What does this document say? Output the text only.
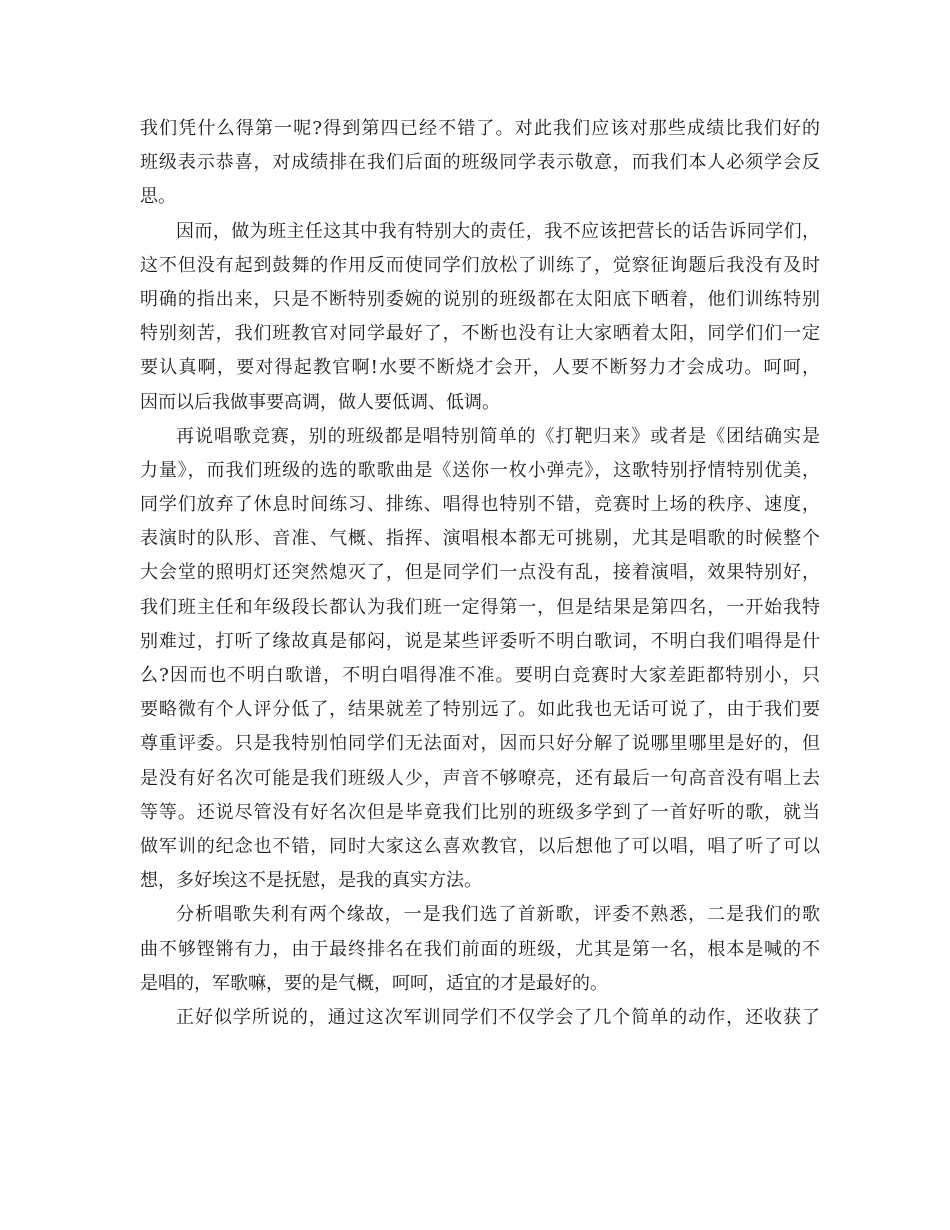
我们凭什么得第一呢?得到第四已经不错了。对此我们应该对那些成绩比我们好的
班级表示恭喜，对成绩排在我们后面的班级同学表示敬意，而我们本人必须学会反
思。
因而，做为班主任这其中我有特别大的责任，我不应该把营长的话告诉同学们，
这不但没有起到鼓舞的作用反而使同学们放松了训练了，觉察征询题后我没有及时
明确的指出来，只是不断特别委婉的说别的班级都在太阳底下晒着，他们训练特别
特别刻苦，我们班教官对同学最好了，不断也没有让大家晒着太阳，同学们们一定
要认真啊，要对得起教官啊!水要不断烧才会开，人要不断努力才会成功。呵呵，
因而以后我做事要高调，做人要低调、低调。
再说唱歌竞赛，别的班级都是唱特别简单的《打靶归来》或者是《团结确实是
力量》，而我们班级的选的歌歌曲是《送你一枚小弹壳》，这歌特别抒情特别优美，
同学们放弃了休息时间练习、排练、唱得也特别不错，竞赛时上场的秩序、速度，
表演时的队形、音准、气概、指挥、演唱根本都无可挑剔，尤其是唱歌的时候整个
大会堂的照明灯还突然熄灭了，但是同学们一点没有乱，接着演唱，效果特别好，
我们班主任和年级段长都认为我们班一定得第一，但是结果是第四名，一开始我特
别难过，打听了缘故真是郁闷，说是某些评委听不明白歌词，不明白我们唱得是什
么?因而也不明白歌谱，不明白唱得准不准。要明白竞赛时大家差距都特别小，只
要略微有个人评分低了，结果就差了特别远了。如此我也无话可说了，由于我们要
尊重评委。只是我特别怕同学们无法面对，因而只好分解了说哪里哪里是好的，但
是没有好名次可能是我们班级人少，声音不够嘹亮，还有最后一句高音没有唱上去
等等。还说尽管没有好名次但是毕竟我们比别的班级多学到了一首好听的歌，就当
做军训的纪念也不错，同时大家这么喜欢教官，以后想他了可以唱，唱了听了可以
想，多好埃这不是抚慰，是我的真实方法。
分析唱歌失利有两个缘故，一是我们选了首新歌，评委不熟悉，二是我们的歌
曲不够铿锵有力，由于最终排名在我们前面的班级，尤其是第一名，根本是喊的不
是唱的，军歌嘛，要的是气概，呵呵，适宜的才是最好的。
正好似学所说的，通过这次军训同学们不仅学会了几个简单的动作，还收获了
